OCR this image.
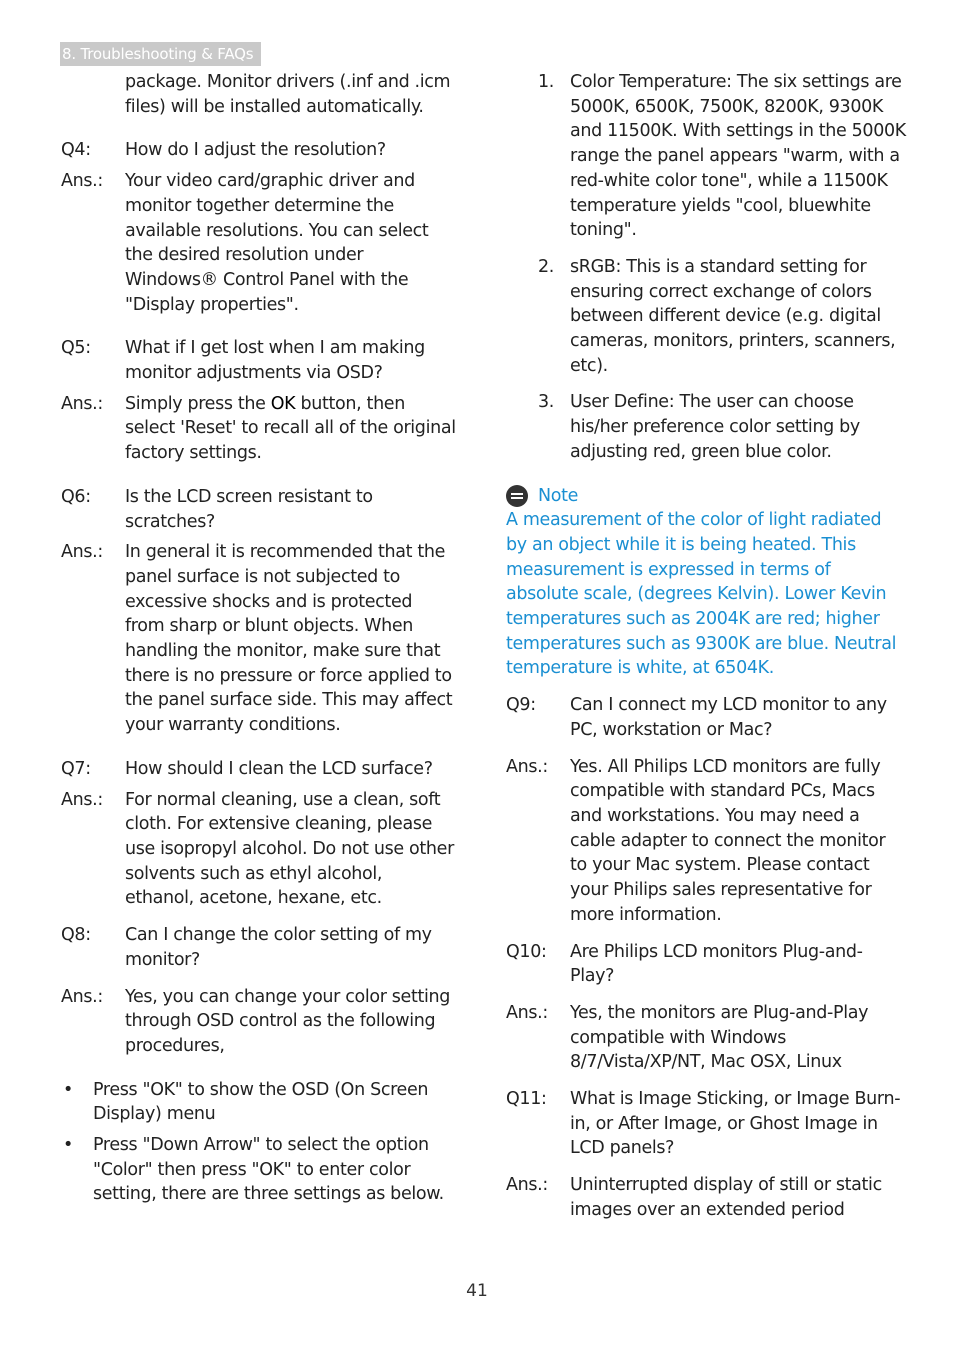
8. Troubleshooting & FAQs
package. Monitor drivers (.inf and .icm files) will be installed automatically.
Q4:	How do I adjust the resolution?
Ans.:	Your video card/graphic driver and monitor together determine the available resolutions. You can select the desired resolution under Windows® Control Panel with the "Display properties".
Q5:	What if I get lost when I am making monitor adjustments via OSD?
Ans.:	Simply press the OK button, then select 'Reset' to recall all of the original factory settings.
Q6:	Is the LCD screen resistant to scratches?
Ans.:	In general it is recommended that the panel surface is not subjected to excessive shocks and is protected from sharp or blunt objects. When handling the monitor, make sure that there is no pressure or force applied to the panel surface side. This may affect your warranty conditions.
Q7:	How should I clean the LCD surface?
Ans.:	For normal cleaning, use a clean, soft cloth. For extensive cleaning, please use isopropyl alcohol. Do not use other solvents such as ethyl alcohol, ethanol, acetone, hexane, etc.
Q8:	Can I change the color setting of my monitor?
Ans.:	Yes, you can change your color setting through OSD control as the following procedures,
•	Press "OK" to show the OSD (On Screen Display) menu
•	Press "Down Arrow" to select the option "Color" then press "OK" to enter color setting, there are three settings as below.
1. Color Temperature: The six settings are 5000K, 6500K, 7500K, 8200K, 9300K and 11500K. With settings in the 5000K range the panel appears "warm, with a red-white color tone", while a 11500K temperature yields "cool, bluewhite toning".
2. sRGB: This is a standard setting for ensuring correct exchange of colors between different device (e.g. digital cameras, monitors, printers, scanners, etc).
3. User Define: The user can choose his/her preference color setting by adjusting red, green blue color.
Note
A measurement of the color of light radiated by an object while it is being heated. This measurement is expressed in terms of absolute scale, (degrees Kelvin). Lower Kevin temperatures such as 2004K are red; higher temperatures such as 9300K are blue. Neutral temperature is white, at 6504K.
Q9:	Can I connect my LCD monitor to any PC, workstation or Mac?
Ans.:	Yes. All Philips LCD monitors are fully compatible with standard PCs, Macs and workstations. You may need a cable adapter to connect the monitor to your Mac system. Please contact your Philips sales representative for more information.
Q10:	Are Philips LCD monitors Plug-and-Play?
Ans.:	Yes, the monitors are Plug-and-Play compatible with Windows 8/7/Vista/XP/NT, Mac OSX, Linux
Q11:	What is Image Sticking, or Image Burn-in, or After Image, or Ghost Image in LCD panels?
Ans.:	Uninterrupted display of still or static images over an extended period
41
